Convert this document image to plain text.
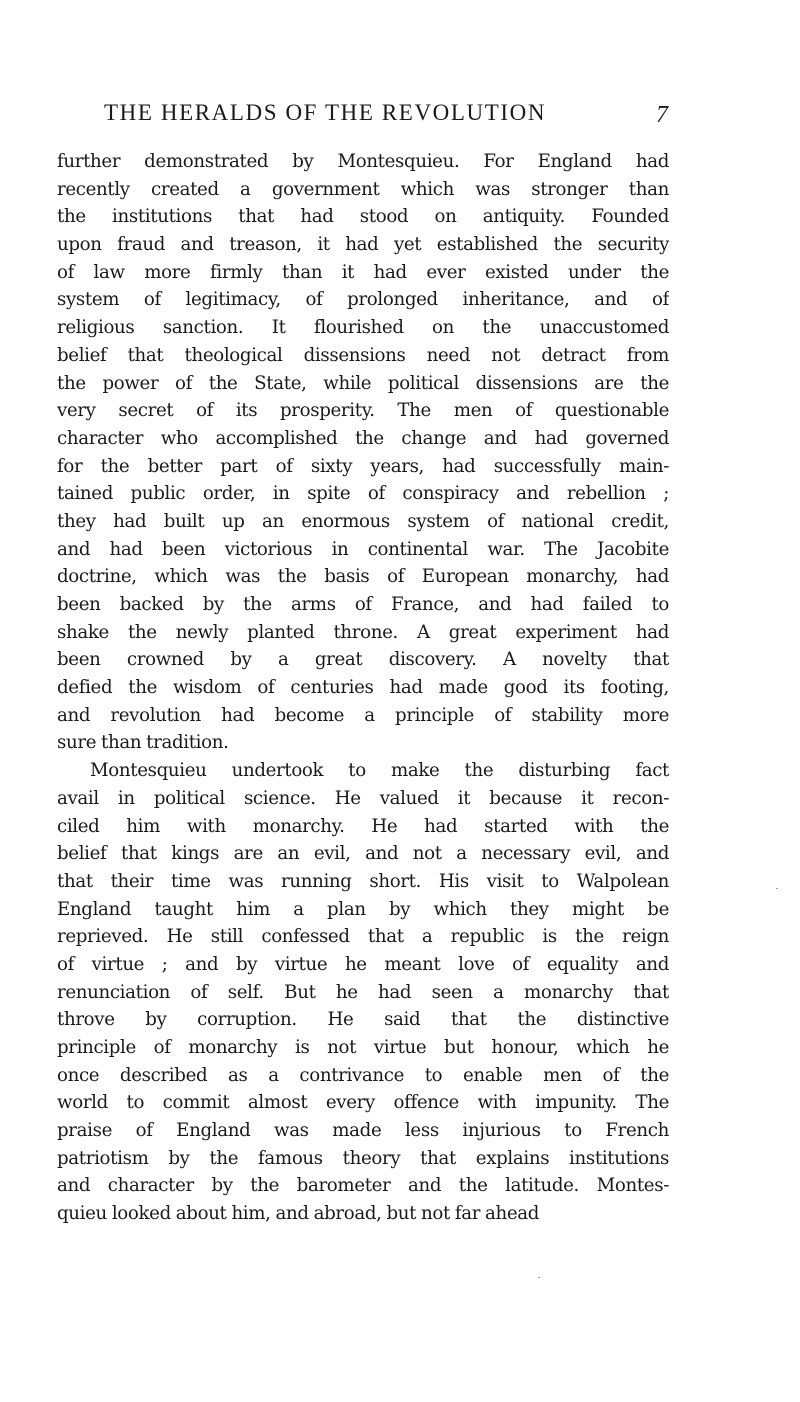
THE HERALDS OF THE REVOLUTION	7
further demonstrated by Montesquieu. For England had
recently created a government which was stronger than
the institutions that had stood on antiquity. Founded
upon fraud and treason, it had yet established the security
of law more firmly than it had ever existed under the
system of legitimacy, of prolonged inheritance, and of
religious sanction. It flourished on the unaccustomed
belief that theological dissensions need not detract from
the power of the State, while political dissensions are the
very secret of its prosperity. The men of questionable
character who accomplished the change and had governed
for the better part of sixty years, had successfully main-
tained public order, in spite of conspiracy and rebellion ;
they had built up an enormous system of national credit,
and had been victorious in continental war. The Jacobite
doctrine, which was the basis of European monarchy, had
been backed by the arms of France, and had failed to
shake the newly planted throne. A great experiment had
been crowned by a great discovery. A novelty that
defied the wisdom of centuries had made good its footing,
and revolution had become a principle of stability more
sure than tradition.
Montesquieu undertook to make the disturbing fact
avail in political science. He valued it because it recon-
ciled him with monarchy. He had started with the
belief that kings are an evil, and not a necessary evil, and
that their time was running short. His visit to Walpolean
England taught him a plan by which they might be
reprieved. He still confessed that a republic is the reign
of virtue ; and by virtue he meant love of equality and
renunciation of self. But he had seen a monarchy that
throve by corruption. He said that the distinctive
principle of monarchy is not virtue but honour, which he
once described as a contrivance to enable men of the
world to commit almost every offence with impunity. The
praise of England was made less injurious to French
patriotism by the famous theory that explains institutions
and character by the barometer and the latitude. Montes-
quieu looked about him, and abroad, but not far ahead
